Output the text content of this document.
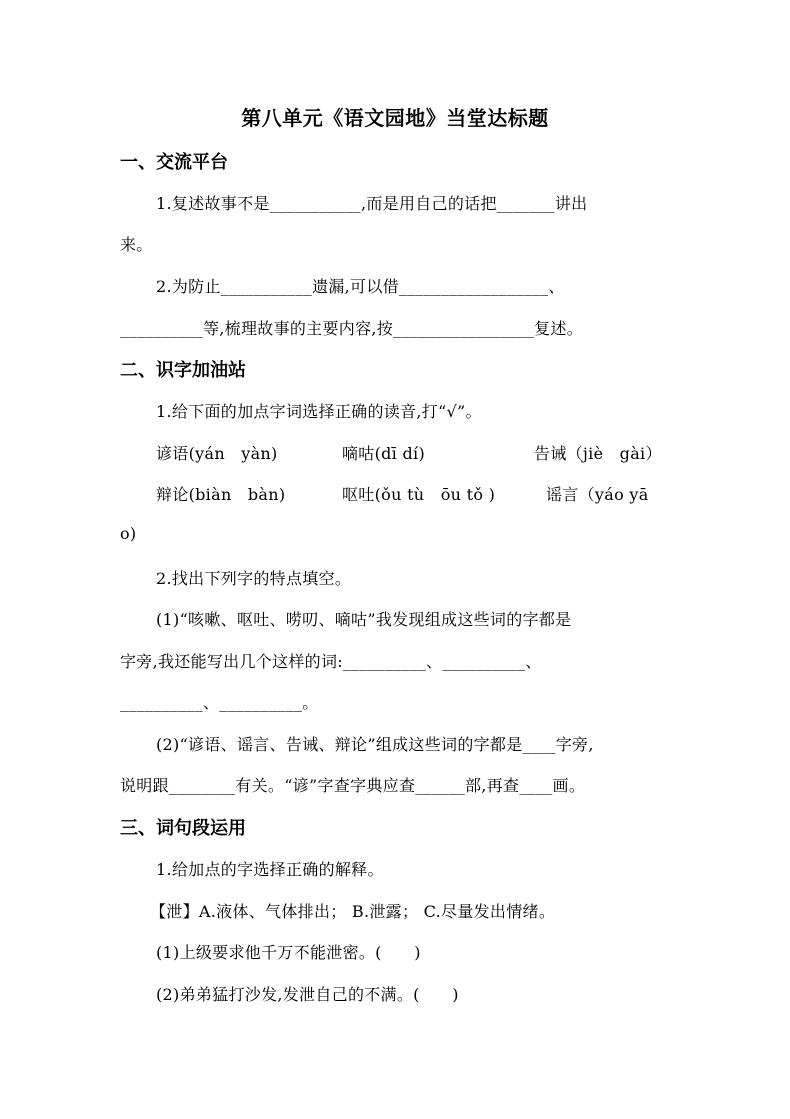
第八单元《语文园地》当堂达标题
一、交流平台
1.复述故事不是___________,而是用自己的话把_______讲出
来。
2.为防止___________遗漏,可以借__________________、
__________等,梳理故事的主要内容,按_________________复述。
二、识字加油站
1.给下面的加点字词选择正确的读音,打“√”。
谚语(yán　yàn)	嘀咕(dī dí)	告诫（jiè　gài）
辩论(biàn　bàn)	呕吐(ǒu tù　ōu tǒ )	谣言（yáo yā
o)
2.找出下列字的特点填空。
(1)“咳嗽、呕吐、唠叨、嘀咕”我发现组成这些词的字都是
字旁,我还能写出几个这样的词:__________、__________、
__________、__________。
(2)“谚语、谣言、告诫、辩论”组成这些词的字都是____字旁,
说明跟________有关。“谚”字查字典应查______部,再查____画。
三、词句段运用
1.给加点的字选择正确的解释。
【泄】A.液体、气体排出； B.泄露； C.尽量发出情绪。
(1)上级要求他千万不能泄密。(　　)
(2)弟弟猛打沙发,发泄自己的不满。(　　)
